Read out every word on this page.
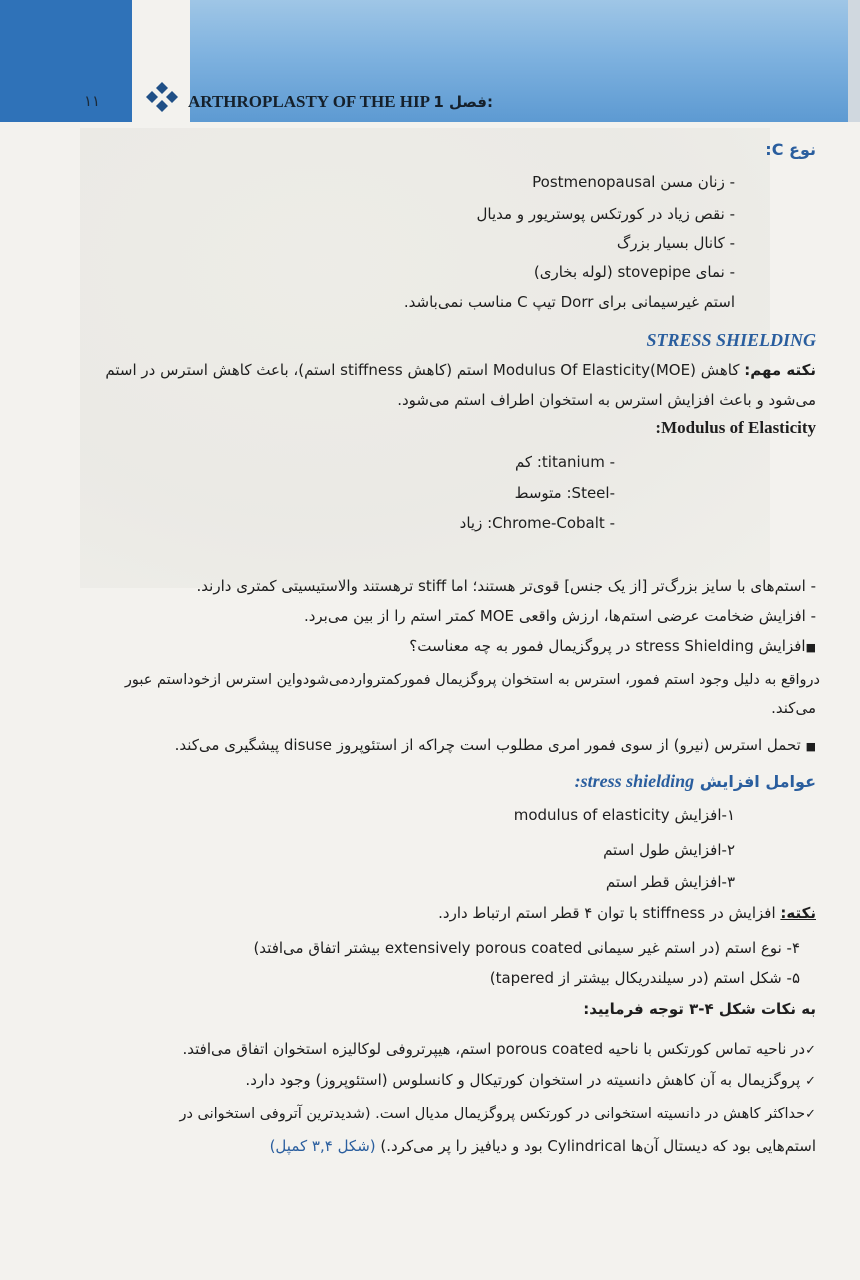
۱۱	ARTHROPLASTY OF THE HIP فصل 1:
نوع C:
- زنان مسن Postmenopausal
- نقص زیاد در کورتکس پوستریور و مدیال
- کانال بسیار بزرگ
- نمای stovepipe (لوله بخاری)
استم غیرسیمانی برای Dorr تیپ C مناسب نمی‌باشد.
STRESS SHIELDING
نکته مهم: کاهش Modulus Of Elasticity(MOE) استم (کاهش stiffness استم)، باعث کاهش استرس در استم
می‌شود و باعث افزایش استرس به استخوان اطراف استم می‌شود.
Modulus of Elasticity:
- titanium: کم
-Steel: متوسط
- Chrome-Cobalt: زیاد
- استم‌های با سایز بزرگ‌تر [از یک جنس] قوی‌تر هستند؛ اما stiff ترهستند والاستیسیتی کمتری دارند.
- افزایش ضخامت عرضی استم‌ها، ارزش واقعی MOE کمتر استم را از بین می‌برد.
■افزایش stress Shielding در پروگزیمال فمور به چه معناست؟
درواقع به دلیل وجود استم فمور، استرس به استخوان پروگزیمال فمورکمتروارد‌می‌شودواین استرس ازخوداستم عبور
می‌کند.
■ تحمل استرس (نیرو) از سوی فمور امری مطلوب است چراکه از استئوپروز disuse پیشگیری می‌کند.
عوامل افزایش stress shielding:
۱-افزایش modulus of elasticity
۲-افزایش طول استم
۳-افزایش قطر استم
نکته: افزایش در stiffness با توان ۴ قطر استم ارتباط دارد.
۴- نوع استم (در استم غیر سیمانی extensively porous coated بیشتر اتفاق می‌افتد)
۵- شکل استم (در سیلندریکال بیشتر از tapered)
به نکات شکل ۴-۳ توجه فرمایید:
✓در ناحیه تماس کورتکس با ناحیه porous coated استم، هیپرتروفی لوکالیزه استخوان اتفاق می‌افتد.
✓ پروگزیمال به آن کاهش دانسیته در استخوان کورتیکال و کانسلوس (استئوپروز) وجود دارد.
✓حداکثر کاهش در دانسیته استخوانی در کورتکس پروگزیمال مدیال است. (شدیدترین آتروفی استخوانی در
استم‌هایی بود که دیستال آن‌ها Cylindrical بود و دیافیز را پر می‌کرد.) (شکل ۳,۴ کمپل)
